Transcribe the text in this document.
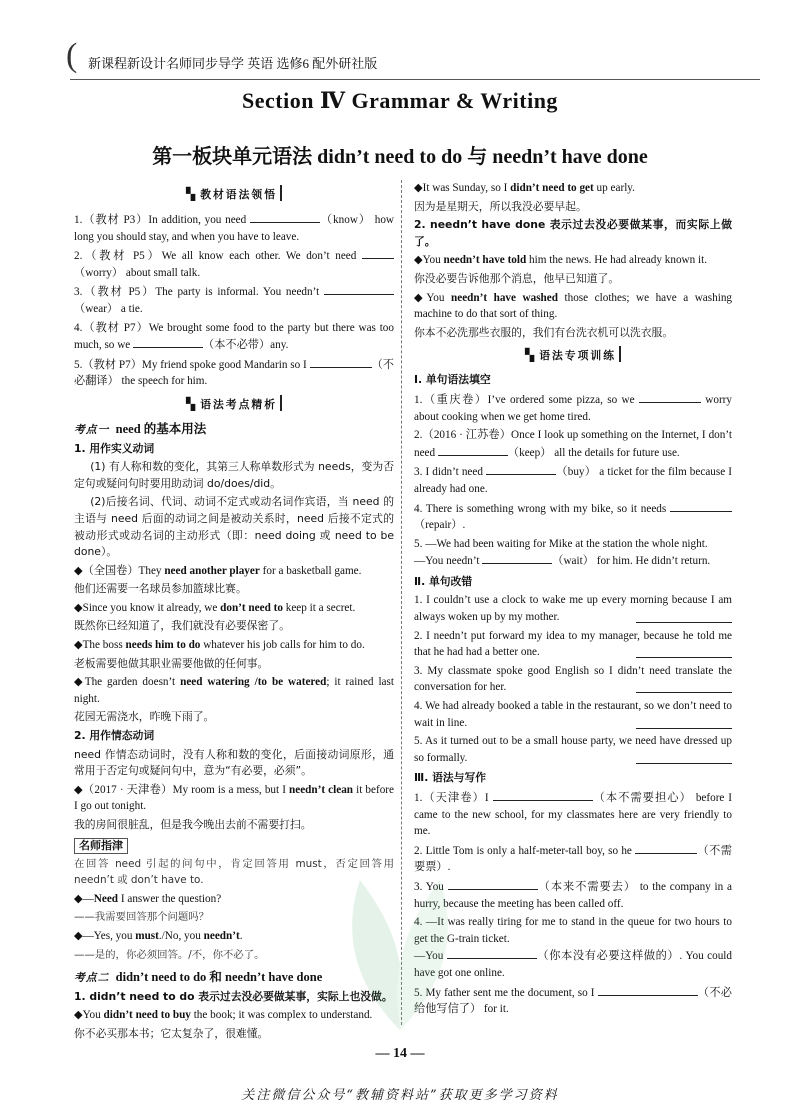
( 新课程新设计名师同步导学 英语 选修6 配外研社版
Section Ⅳ Grammar & Writing
第一板块单元语法 didn’t need to do 与 needn’t have done
▚ 教材语法领悟
1.（教材 P3）In addition, you need	（know） how long you should stay, and when you have to leave.
2.（教材 P5）We all know each other. We don’t need （worry） about small talk.
3.（教材 P5）The party is informal. You needn’t （wear） a tie.
4.（教材 P7）We brought some food to the party but there was too much, so we	（本不必带）any.
5.（教材 P7）My friend spoke good Mandarin so I	（不必翻译） the speech for him.
▚ 语法考点精析
考点一 need 的基本用法
1. 用作实义动词
(1) 有人称和数的变化，其第三人称单数形式为 needs，变为否定句或疑问句时要用助动词 do/does/did。
(2)后接名词、代词、动词不定式或动名词作宾语，当 need 的主语与 need 后面的动词之间是被动关系时，need 后接不定式的被动形式或动名词的主动形式（即：need doing 或 need to be done）。
◆（全国卷）They need another player for a basketball game.
他们还需要一名球员参加篮球比赛。
◆Since you know it already, we don’t need to keep it a secret.
既然你已经知道了，我们就没有必要保密了。
◆The boss needs him to do whatever his job calls for him to do.
老板需要他做其职业需要他做的任何事。
◆The garden doesn’t need watering /to be watered; it rained last night.
花园无需浇水，昨晚下雨了。
2. 用作情态动词
need 作情态动词时，没有人称和数的变化，后面接动词原形，通常用于否定句或疑问句中，意为“有必要，必须”。
◆（2017 · 天津卷）My room is a mess, but I needn’t clean it before I go out tonight.
我的房间很脏乱，但是我今晚出去前不需要打扫。
名师指津
在回答 need 引起的问句中，肯定回答用 must，否定回答用 needn’t 或 don’t have to.
◆—Need I answer the question?
——我需要回答那个问题吗？
◆—Yes, you must./No, you needn’t.
——是的，你必须回答。/不，你不必了。
考点二 didn’t need to do 和 needn’t have done
1. didn’t need to do 表示过去没必要做某事，实际上也没做。
◆You didn’t need to buy the book; it was complex to understand.
你不必买那本书；它太复杂了，很难懂。
◆It was Sunday, so I didn’t need to get up early.
因为是星期天，所以我没必要早起。
2. needn’t have done 表示过去没必要做某事，而实际上做了。
◆You needn’t have told him the news. He had already known it.
你没必要告诉他那个消息，他早已知道了。
◆You needn’t have washed those clothes; we have a washing machine to do that sort of thing.
你本不必洗那些衣服的，我们有台洗衣机可以洗衣服。
▚ 语法专项训练
Ⅰ. 单句语法填空
1.（重庆卷）I’ve ordered some pizza, so we	worry about cooking when we get home tired.
2.（2016 · 江苏卷）Once I look up something on the Internet, I don’t need	（keep） all the details for future use.
3. I didn’t need	（buy） a ticket for the film because I already had one.
4. There is something wrong with my bike, so it needs （repair）.
5. —We had been waiting for Mike at the station the whole night.
—You needn’t	（wait） for him. He didn’t return.
Ⅱ. 单句改错
1. I couldn’t use a clock to wake me up every morning because I am always woken up by my mother.
2. I needn’t put forward my idea to my manager, because he told me that he had had a better one.
3. My classmate spoke good English so I didn’t need translate the conversation for her.
4. We had already booked a table in the restaurant, so we don’t need to wait in line.
5. As it turned out to be a small house party, we need have dressed up so formally.
Ⅲ. 语法与写作
1.（天津卷）I	（本不需要担心） before I came to the new school, for my classmates here are very friendly to me.
2. Little Tom is only a half-meter-tall boy, so he	（不需要票）.
3. You	（本来不需要去） to the company in a hurry, because the meeting has been called off.
4. —It was really tiring for me to stand in the queue for two hours to get the G-train ticket.
—You	（你本没有必要这样做的）. You could have got one online.
5. My father sent me the document, so I	（不必给他写信了） for it.
— 14 —
关注微信公众号“教辅资料站”获取更多学习资料
